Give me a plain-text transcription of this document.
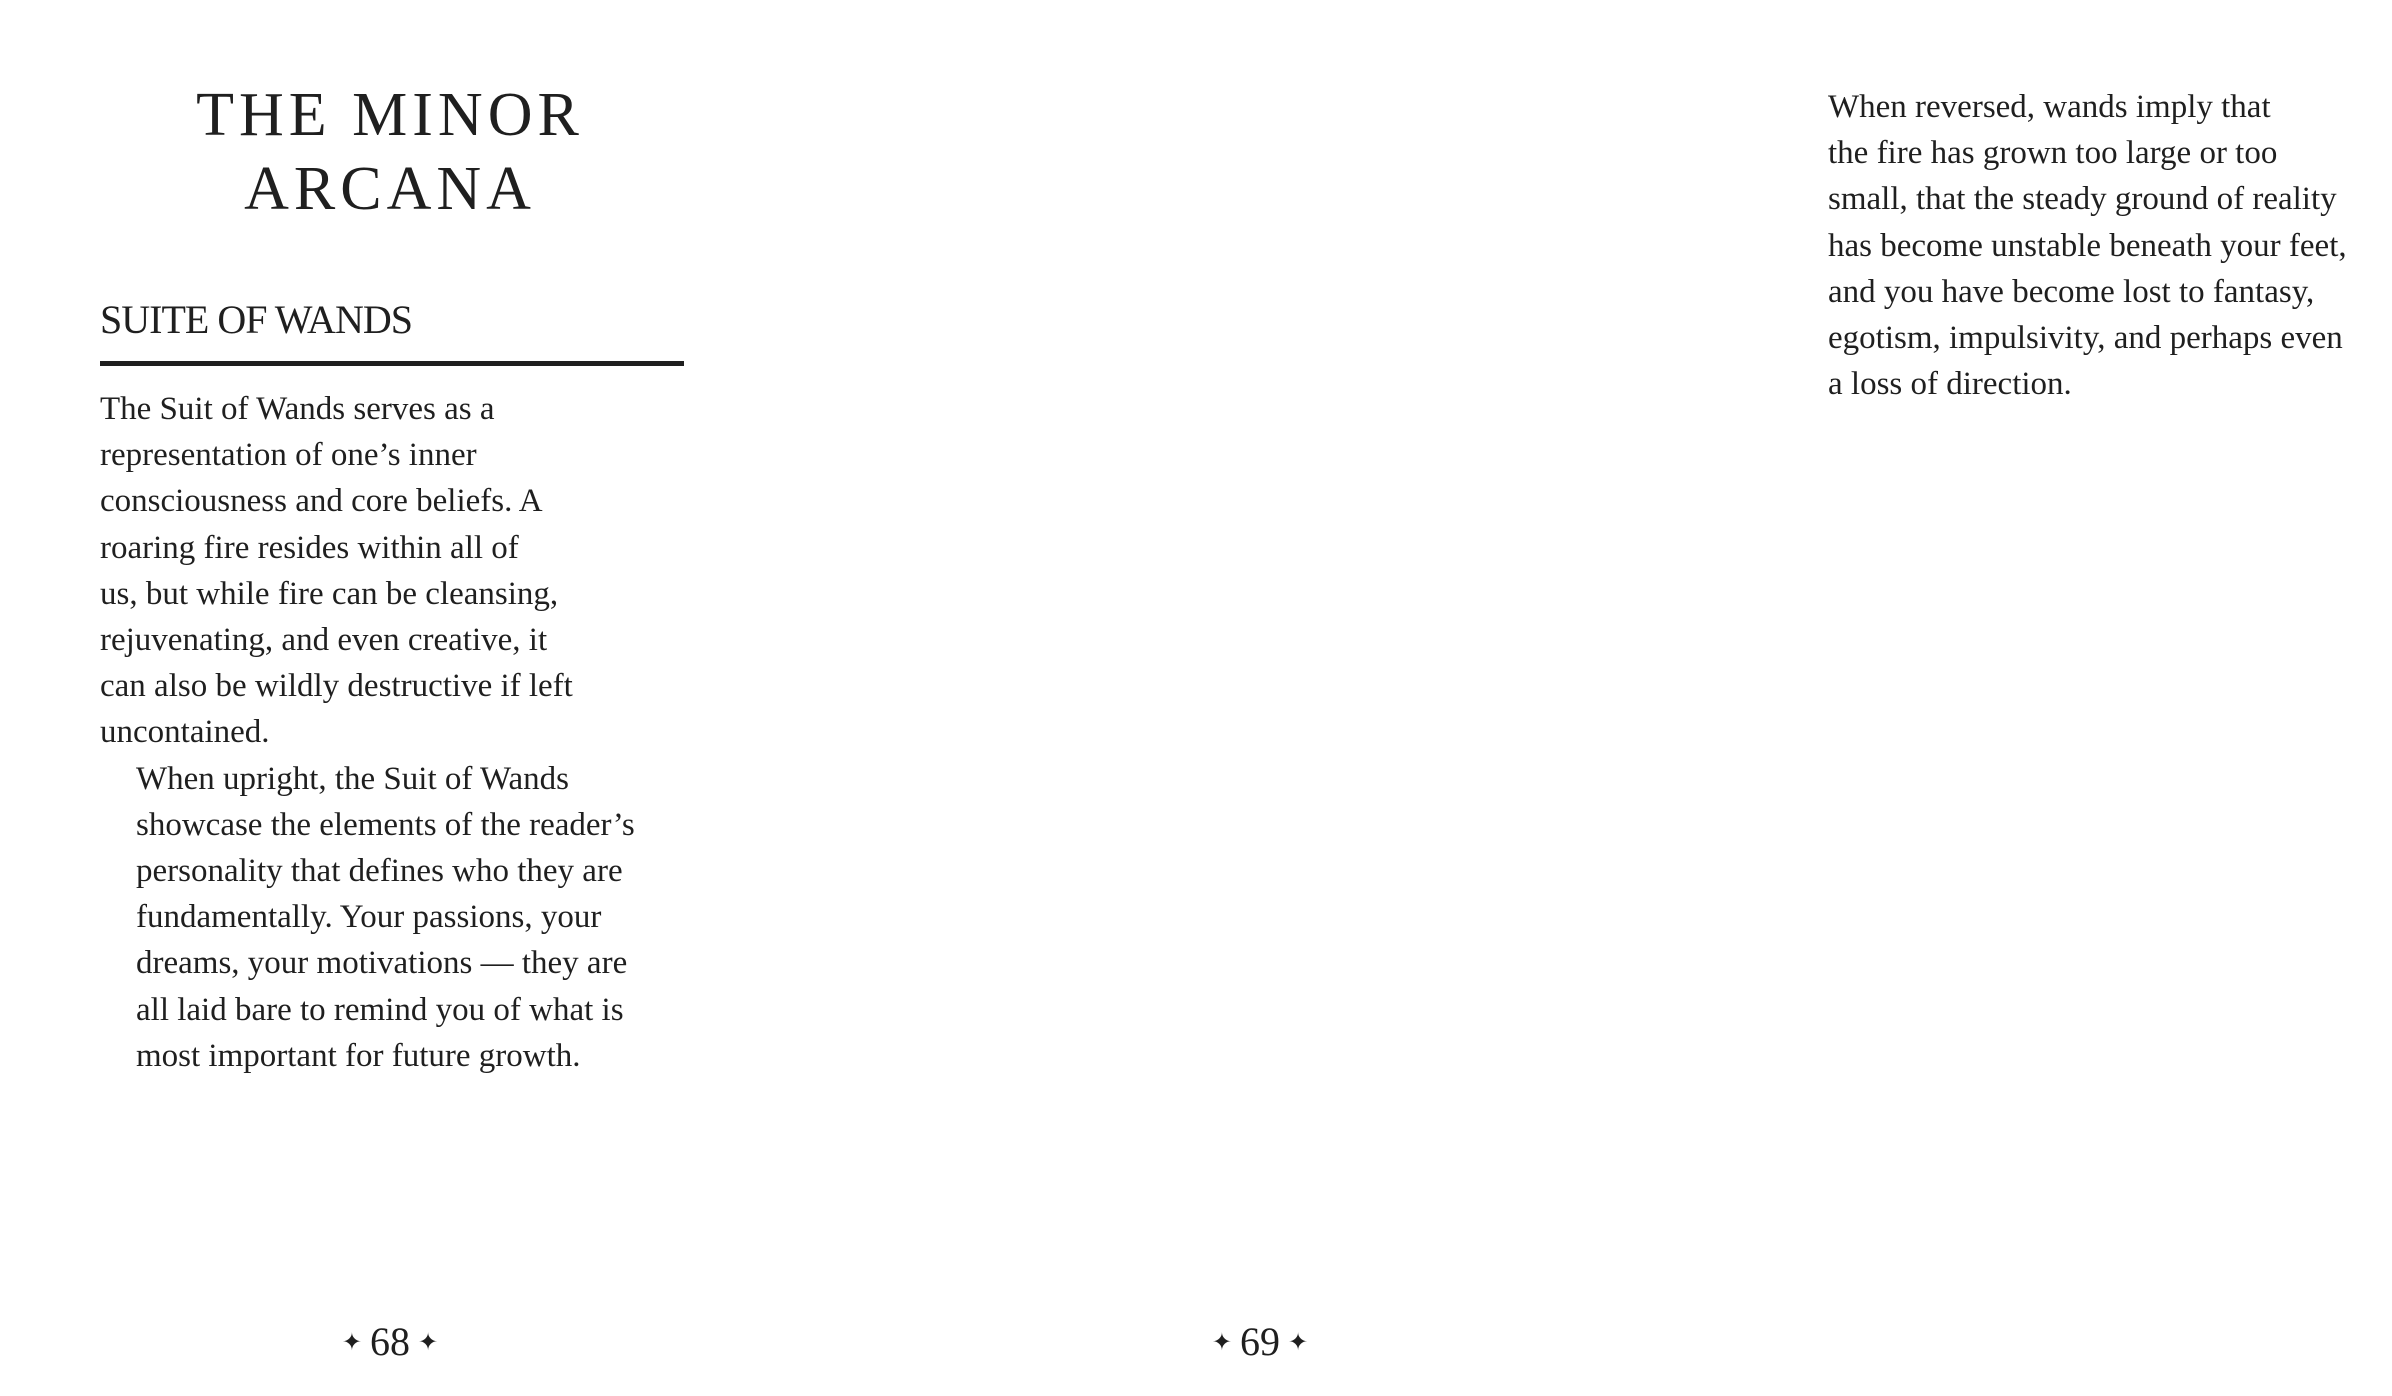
THE MINOR
ARCANA
SUITE OF WANDS

The Suit of Wands serves as a
representation of one’s inner
consciousness and core beliefs. A
roaring fire resides within all of
us, but while fire can be cleansing,
rejuvenating, and even creative, it
can also be wildly destructive if left
uncontained.

When upright, the Suit of Wands
showcase the elements of the reader’s
personality that defines who they are
fundamentally. Your passions, your
dreams, your motivations — they are
all laid bare to remind you of what is
most important for future growth.

✦ 68 ✦

When reversed, wands imply that
the fire has grown too large or too
small, that the steady ground of reality
has become unstable beneath your feet,
and you have become lost to fantasy,
egotism, impulsivity, and perhaps even
a loss of direction.

✦ 69 ✦
